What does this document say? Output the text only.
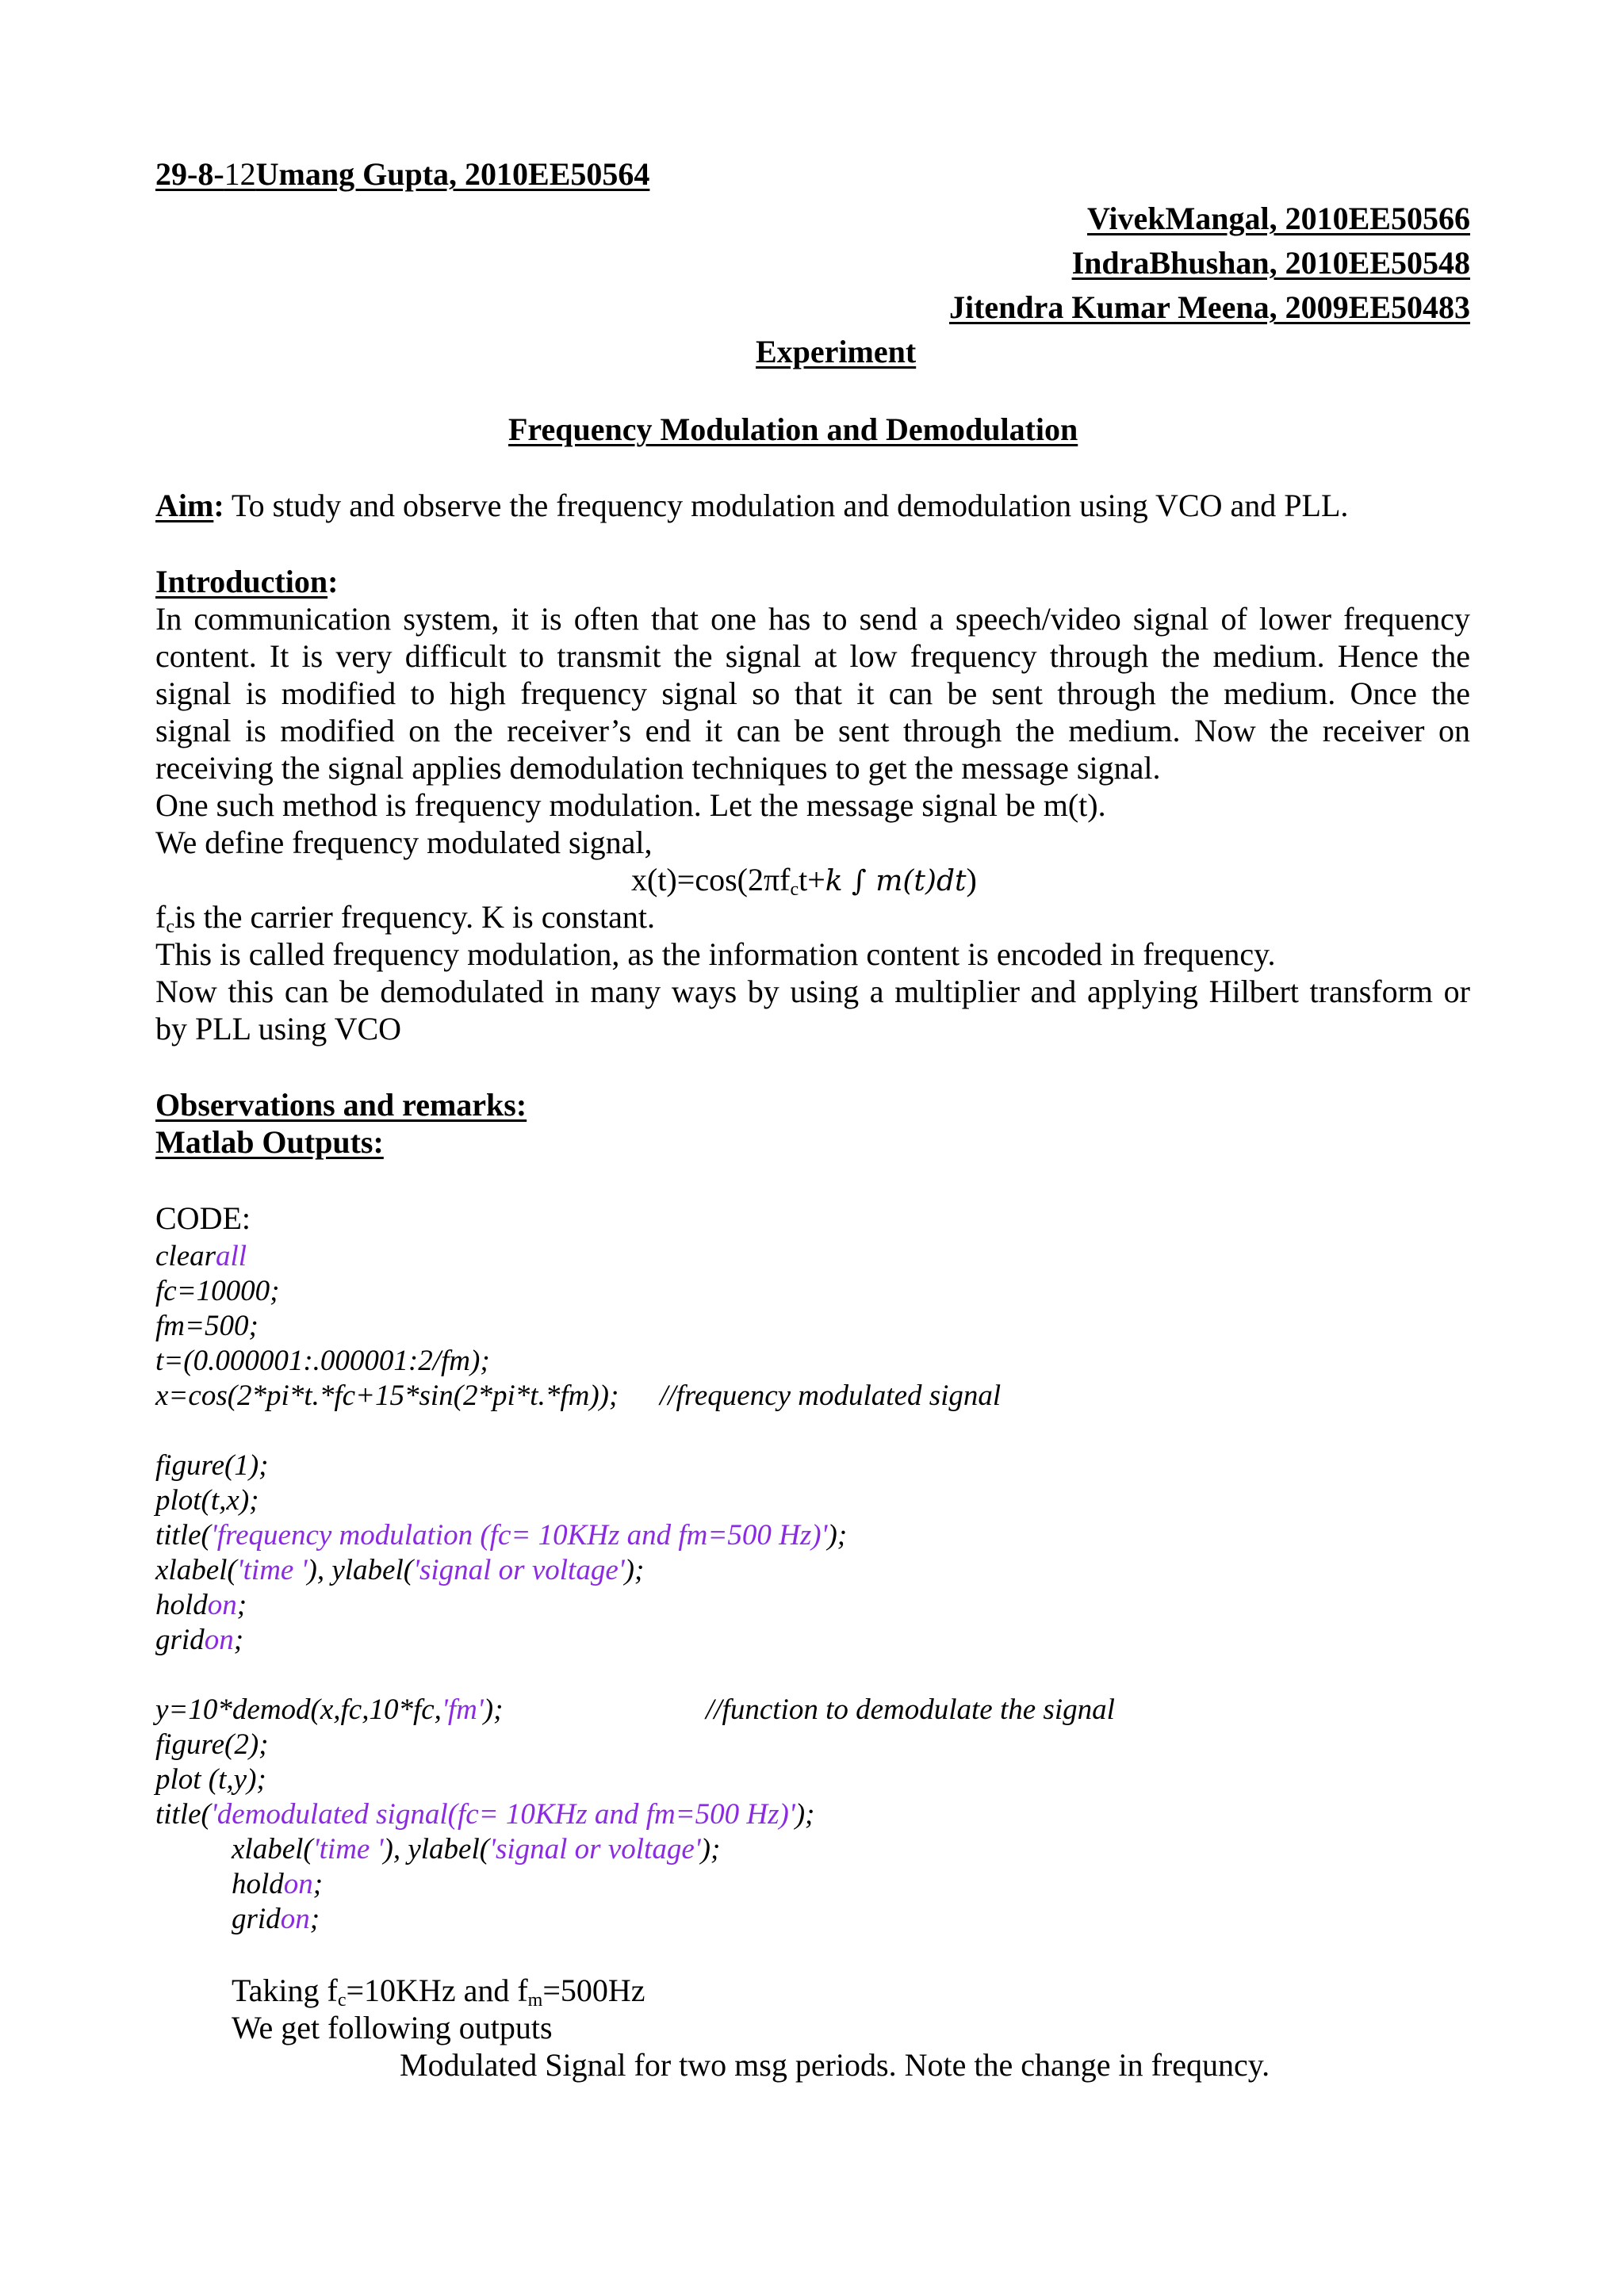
29-8-12Umang Gupta, 2010EE50564
VivekMangal, 2010EE50566
IndraBhushan, 2010EE50548
Jitendra Kumar Meena, 2009EE50483
Experiment
Frequency Modulation and Demodulation
Aim: To study and observe the frequency modulation and demodulation using VCO and PLL.
Introduction:
In communication system, it is often that one has to send a speech/video signal of lower frequency
content. It is very difficult to transmit the signal at low frequency through the medium. Hence the
signal is modified to high frequency signal so that it can be sent through the medium. Once the
signal is modified on the receiver’s end it can be sent through the medium. Now the receiver on
receiving the signal applies demodulation techniques to get the message signal.
One such method is frequency modulation. Let the message signal be m(t).
We define frequency modulated signal,
$x(t)=\cos(2\pi f_ct+k$ ∫ m(t)dt)
$f_cis$ the carrier frequency. K is constant.
This is called frequency modulation, as the information content is encoded in frequency.
Now this can be demodulated in many ways by using a multiplier and applying Hilbert transform or
by PLL using VCO
Observations and remarks:
Matlab Outputs:
CODE:
clearall
fc=10000;
fm=500;
t=(0.000001:.000001:2/fm);
x=cos(2*pi*t.*fc+15*sin(2*pi*t.*fm)); //frequency modulated signal
figure(1);
plot(t,x);
title('frequency modulation (fc= 10KHz and fm=500 Hz)');
xlabel('time '), ylabel('signal or voltage');
holdon;
gridon;
y=10*demod(x,fc,10*fc,'fm');	//function to demodulate the signal
figure(2);
plot (t,y);
title('demodulated signal(fc= 10KHz and fm=500 Hz)');
xlabel('time '), ylabel('signal or voltage');
holdon;
gridon;
Taking $f_c=10KHz$ and $f_m=500Hz$
We get following outputs
Modulated Signal for two msg periods. Note the change in frequncy.
